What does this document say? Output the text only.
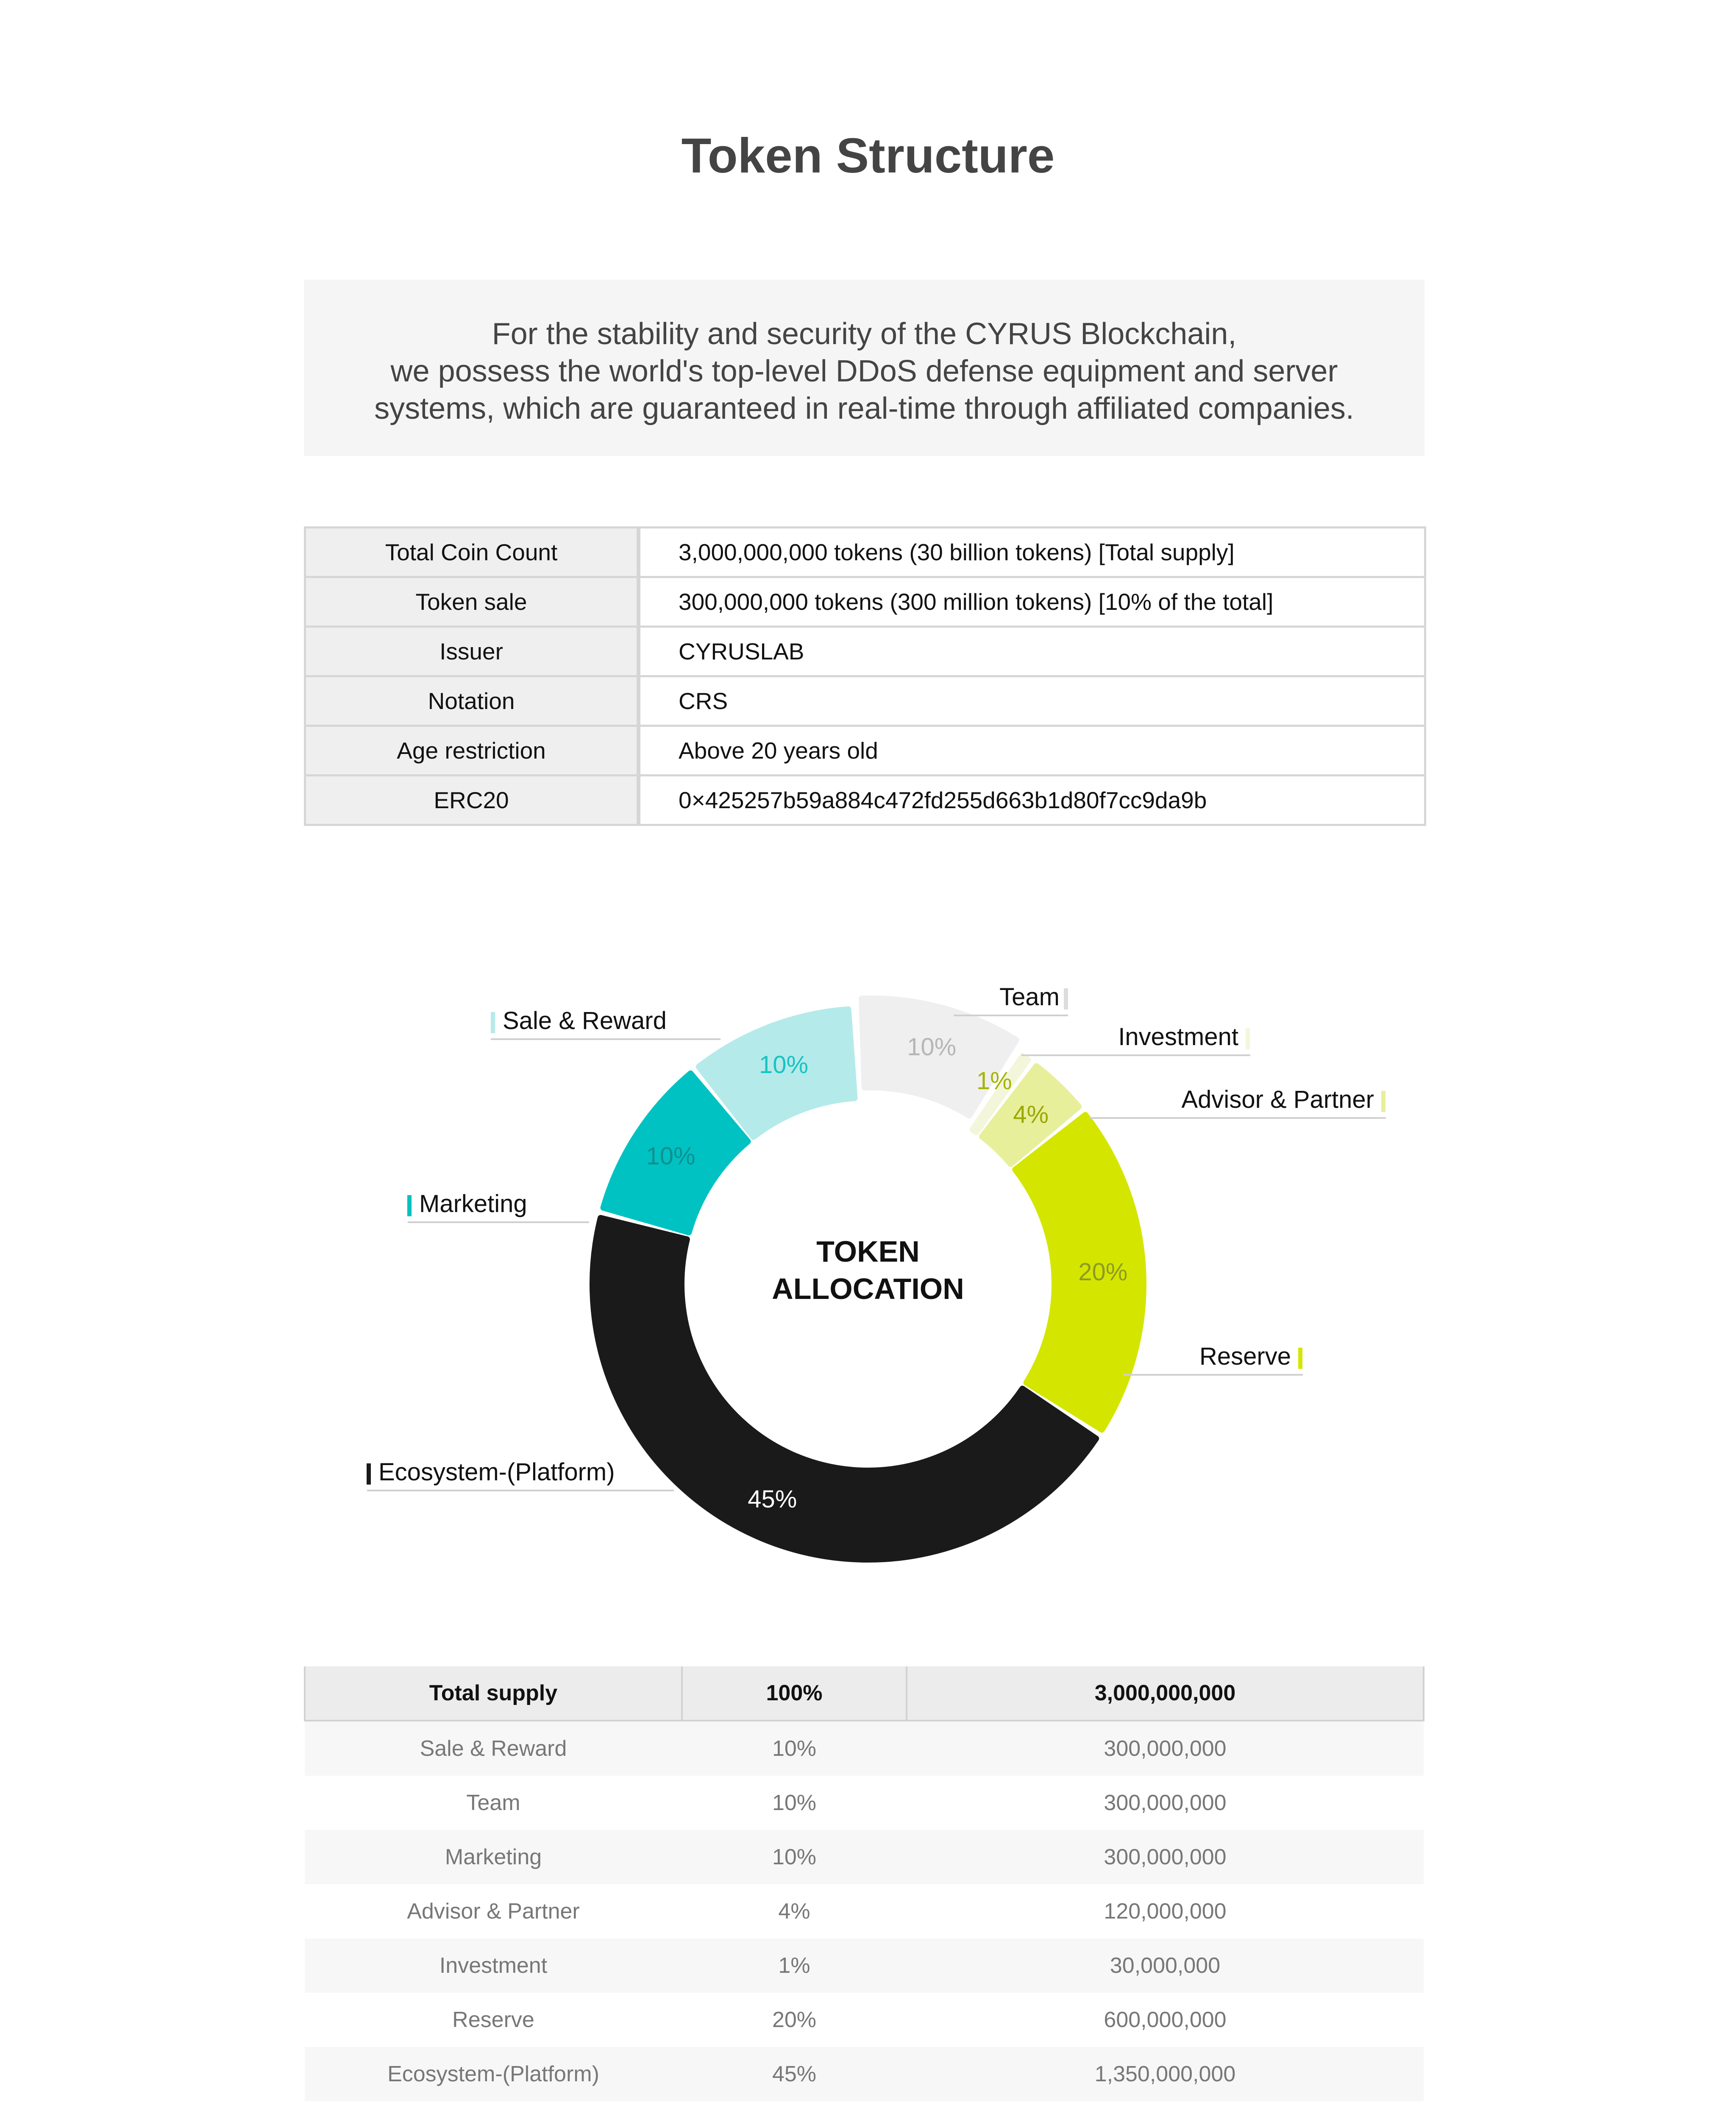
Token Structure
For the stability and security of the CYRUS Blockchain,
we possess the world's top-level DDoS defense equipment and server
systems, which are guaranteed in real-time through affiliated companies.
Total Coin Count	3,000,000,000 tokens (30 billion tokens) [Total supply]
Token sale	300,000,000 tokens (300 million tokens) [10% of the total]
Issuer	CYRUSLAB
Notation	CRS
Age restriction	Above 20 years old
ERC20	0×425257b59a884c472fd255d663b1d80f7cc9da9b
10%
1%
4%
20%
45%
10%
10%
Team
Investment
Advisor & Partner
Reserve
Ecosystem-(Platform)
Marketing
Sale & Reward
TOKEN
ALLOCATION
Total supply	100%	3,000,000,000
Sale & Reward	10%	300,000,000
Team	10%	300,000,000
Marketing	10%	300,000,000
Advisor & Partner	4%	120,000,000
Investment	1%	30,000,000
Reserve	20%	600,000,000
Ecosystem-(Platform)	45%	1,350,000,000
